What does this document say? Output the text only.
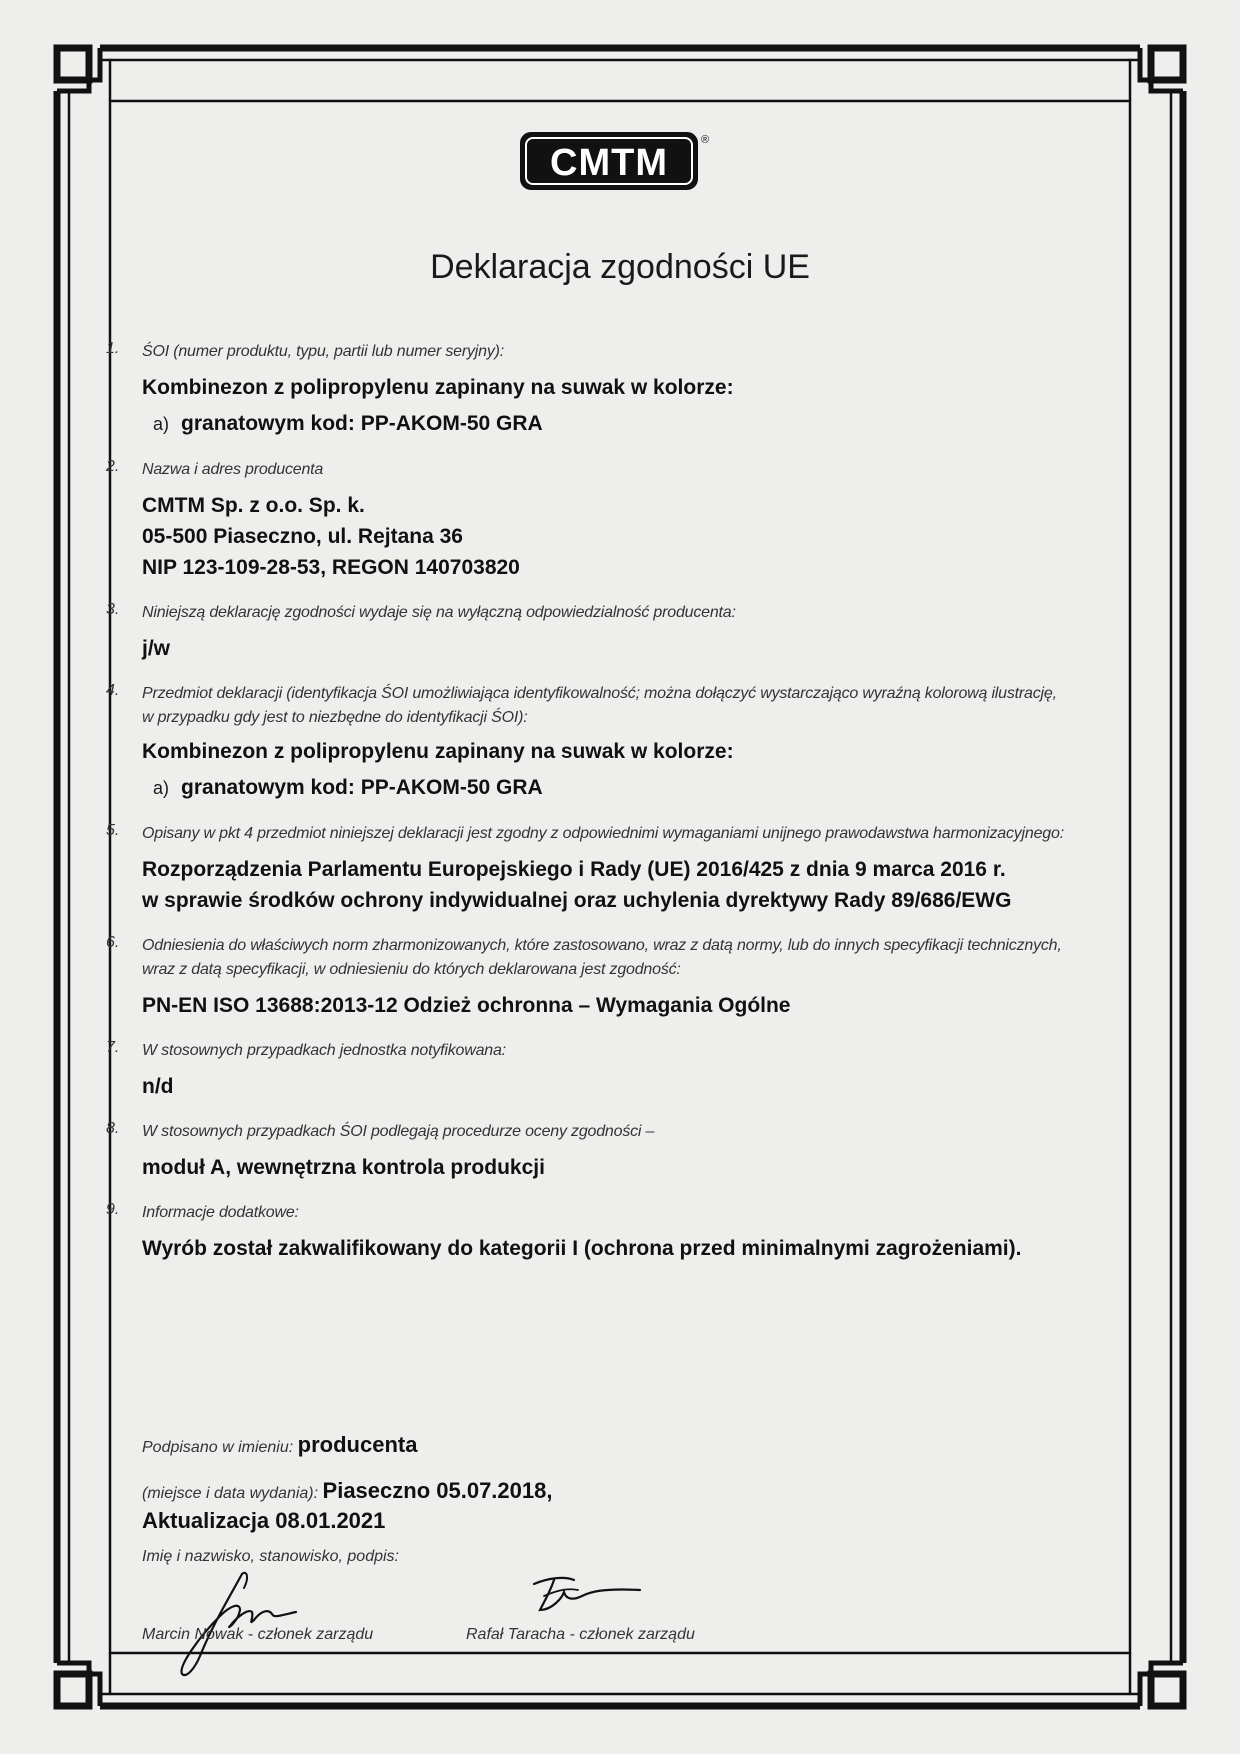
CMTM
®
Deklaracja zgodności UE
1. ŚOI (numer produktu, typu, partii lub numer seryjny):
Kombinezon z polipropylenu zapinany na suwak w kolorze:
a) granatowym kod: PP-AKOM-50 GRA
2. Nazwa i adres producenta
CMTM Sp. z o.o. Sp. k.
05-500 Piaseczno, ul. Rejtana 36
NIP 123-109-28-53, REGON 140703820
3. Niniejszą deklarację zgodności wydaje się na wyłączną odpowiedzialność producenta:
j/w
4. Przedmiot deklaracji (identyfikacja ŚOI umożliwiająca identyfikowalność; można dołączyć wystarczająco wyraźną kolorową ilustrację,
w przypadku gdy jest to niezbędne do identyfikacji ŚOI):
Kombinezon z polipropylenu zapinany na suwak w kolorze:
a) granatowym kod: PP-AKOM-50 GRA
5. Opisany w pkt 4 przedmiot niniejszej deklaracji jest zgodny z odpowiednimi wymaganiami unijnego prawodawstwa harmonizacyjnego:
Rozporządzenia Parlamentu Europejskiego i Rady (UE) 2016/425 z dnia 9 marca 2016 r.
w sprawie środków ochrony indywidualnej oraz uchylenia dyrektywy Rady 89/686/EWG
6. Odniesienia do właściwych norm zharmonizowanych, które zastosowano, wraz z datą normy, lub do innych specyfikacji technicznych,
wraz z datą specyfikacji, w odniesieniu do których deklarowana jest zgodność:
PN-EN ISO 13688:2013-12 Odzież ochronna – Wymagania Ogólne
7. W stosownych przypadkach jednostka notyfikowana:
n/d
8. W stosownych przypadkach ŚOI podlegają procedurze oceny zgodności –
moduł A, wewnętrzna kontrola produkcji
9. Informacje dodatkowe:
Wyrób został zakwalifikowany do kategorii I (ochrona przed minimalnymi zagrożeniami).
Podpisano w imieniu: producenta
(miejsce i data wydania): Piaseczno 05.07.2018,
Aktualizacja 08.01.2021
Imię i nazwisko, stanowisko, podpis:
Marcin Nowak - członek zarządu	Rafał Taracha - członek zarządu
